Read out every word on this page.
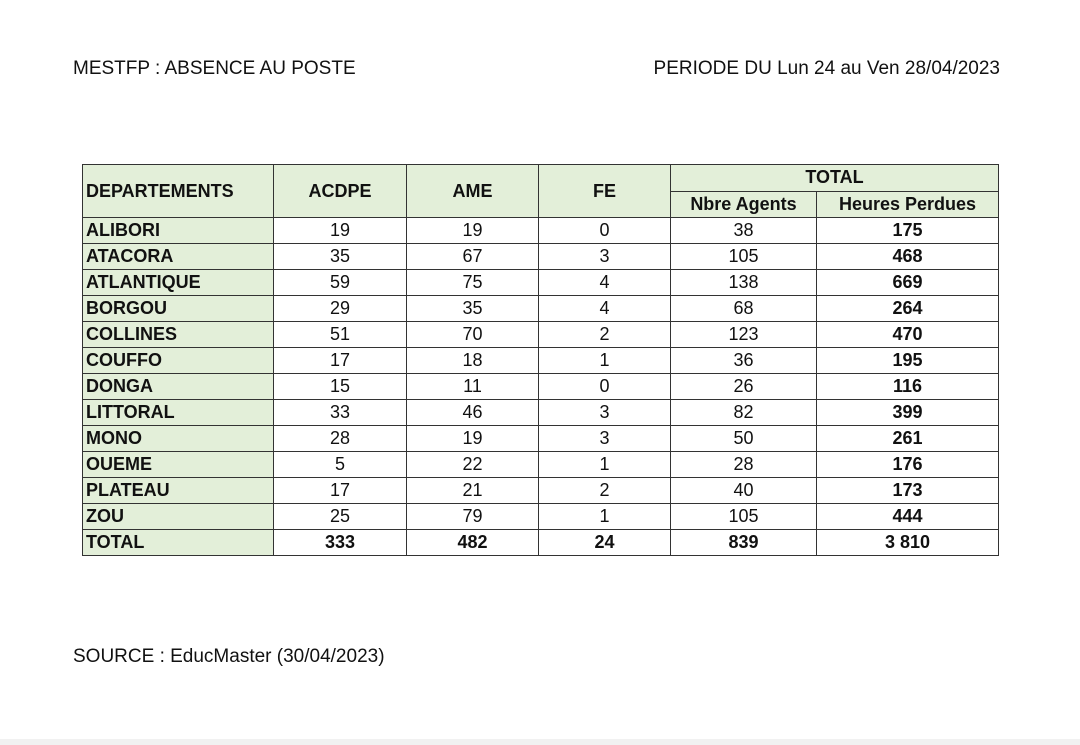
MESTFP : ABSENCE AU POSTE	PERIODE DU Lun 24 au Ven 28/04/2023
DEPARTEMENTS	ACDPE	AME	FE	TOTAL	
				Nbre Agents	Heures Perdues
ALIBORI	19	19	0	38	175
ATACORA	35	67	3	105	468
ATLANTIQUE	59	75	4	138	669
BORGOU	29	35	4	68	264
COLLINES	51	70	2	123	470
COUFFO	17	18	1	36	195
DONGA	15	11	0	26	116
LITTORAL	33	46	3	82	399
MONO	28	19	3	50	261
OUEME	5	22	1	28	176
PLATEAU	17	21	2	40	173
ZOU	25	79	1	105	444
TOTAL	333	482	24	839	3 810
SOURCE : EducMaster (30/04/2023)
